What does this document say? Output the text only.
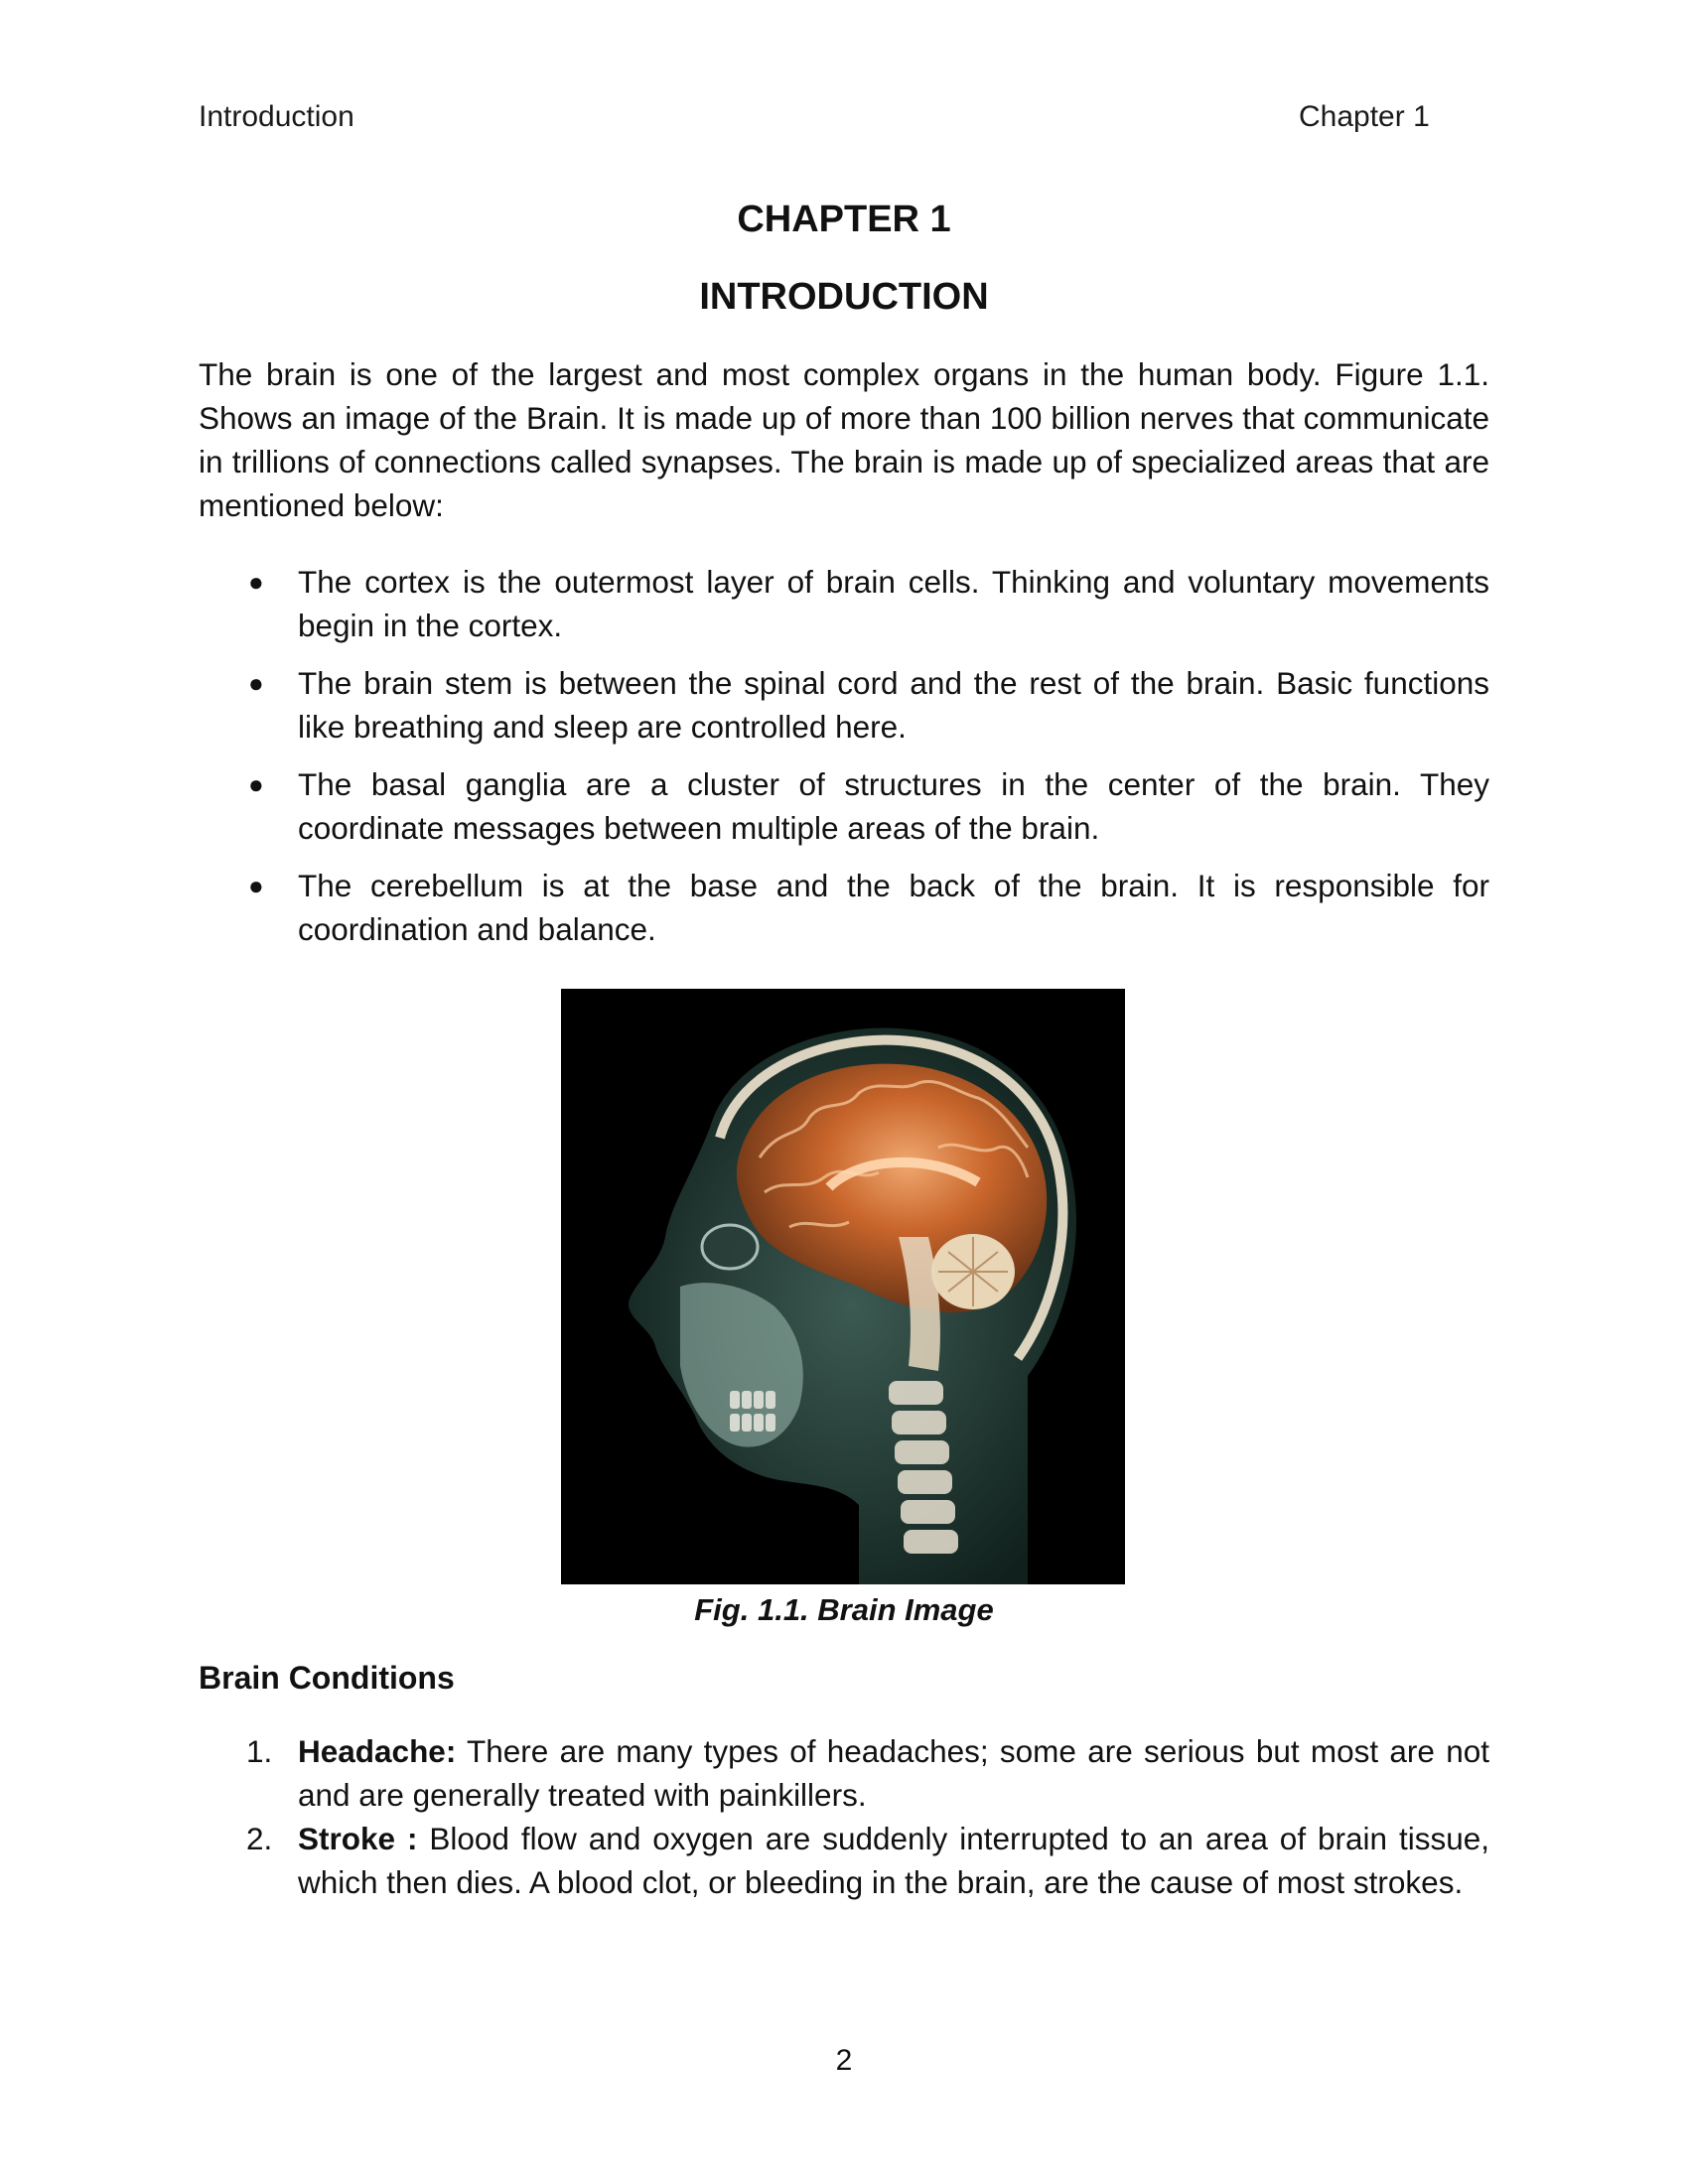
Introduction	Chapter 1
CHAPTER 1
INTRODUCTION

The brain is one of the largest and most complex organs in the human body. Figure 1.1. Shows an image of the Brain. It is made up of more than 100 billion nerves that communicate in trillions of connections called synapses. The brain is made up of specialized areas that are mentioned below:

● The cortex is the outermost layer of brain cells. Thinking and voluntary movements begin in the cortex.
● The brain stem is between the spinal cord and the rest of the brain. Basic functions like breathing and sleep are controlled here.
● The basal ganglia are a cluster of structures in the center of the brain. They coordinate messages between multiple areas of the brain.
● The cerebellum is at the base and the back of the brain. It is responsible for coordination and balance.
Fig. 1.1. Brain Image
Brain Conditions
1. Headache: There are many types of headaches; some are serious but most are not and are generally treated with painkillers.
2. Stroke : Blood flow and oxygen are suddenly interrupted to an area of brain tissue, which then dies. A blood clot, or bleeding in the brain, are the cause of most strokes.
2
